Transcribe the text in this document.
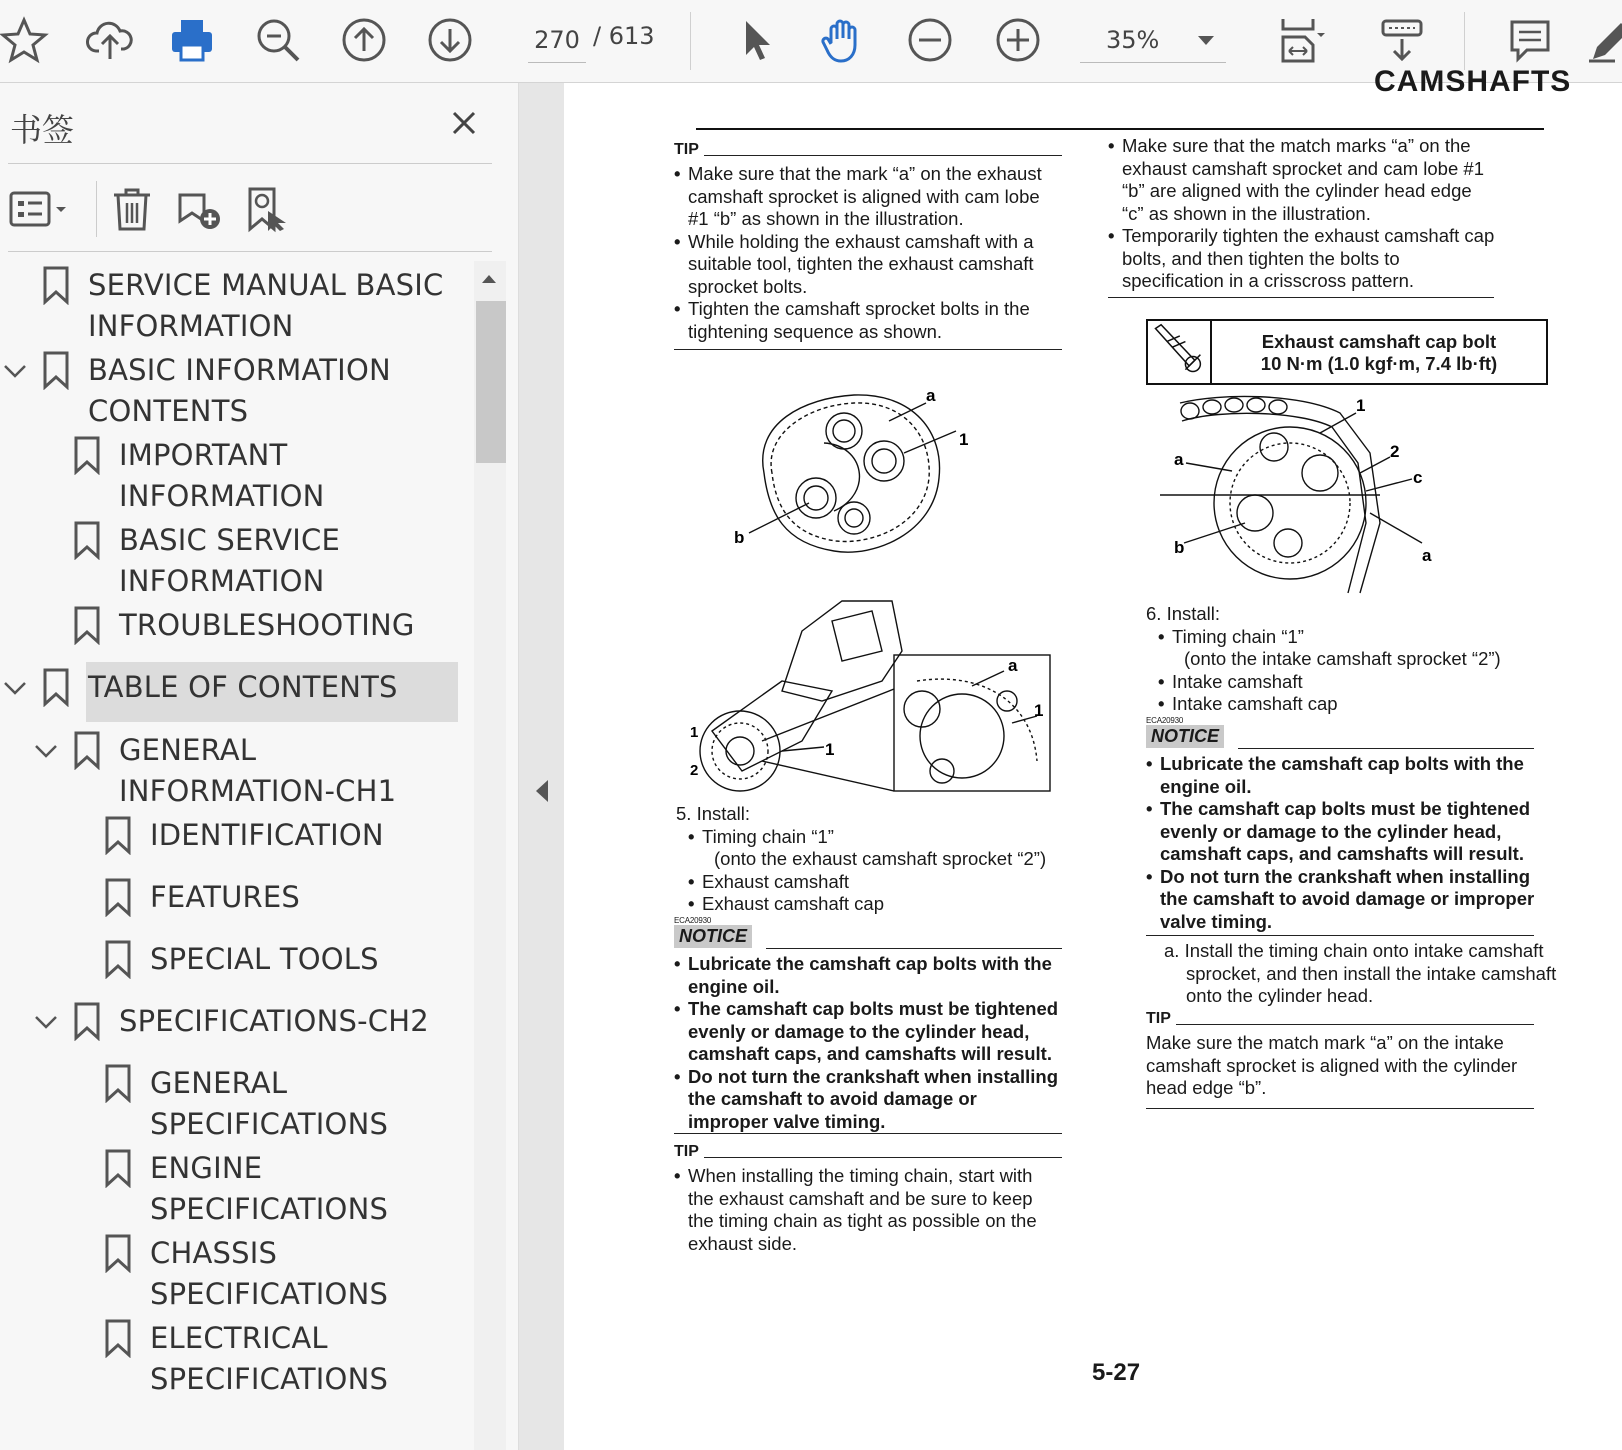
270 / 613	35%
书签
SERVICE MANUAL BASIC
INFORMATION
BASIC INFORMATION
CONTENTS
IMPORTANT
INFORMATION
BASIC SERVICE
INFORMATION
TROUBLESHOOTING
TABLE OF CONTENTS
GENERAL
INFORMATION-CH1
IDENTIFICATION
FEATURES
SPECIAL TOOLS
SPECIFICATIONS-CH2
GENERAL
SPECIFICATIONS
ENGINE
SPECIFICATIONS
CHASSIS
SPECIFICATIONS
ELECTRICAL
SPECIFICATIONS
CAMSHAFTS
TIP
• Make sure that the mark “a” on the exhaust camshaft sprocket is aligned with cam lobe #1 “b” as shown in the illustration.
• While holding the exhaust camshaft with a suitable tool, tighten the exhaust camshaft sprocket bolts.
• Tighten the camshaft sprocket bolts in the tightening sequence as shown.
a
1
b
a
1
1
1
2
5. Install:
• Timing chain “1”
(onto the exhaust camshaft sprocket “2”)
• Exhaust camshaft
• Exhaust camshaft cap
ECA20930
NOTICE
• Lubricate the camshaft cap bolts with the engine oil.
• The camshaft cap bolts must be tightened evenly or damage to the cylinder head, camshaft caps, and camshafts will result.
• Do not turn the crankshaft when installing the camshaft to avoid damage or improper valve timing.
TIP
• When installing the timing chain, start with the exhaust camshaft and be sure to keep the timing chain as tight as possible on the exhaust side.
• Make sure that the match marks “a” on the exhaust camshaft sprocket and cam lobe #1 “b” are aligned with the cylinder head edge “c” as shown in the illustration.
• Temporarily tighten the exhaust camshaft cap bolts, and then tighten the bolts to specification in a crisscross pattern.
Exhaust camshaft cap bolt
10 N·m (1.0 kgf·m, 7.4 lb·ft)
1
a	2
c
b	a
6. Install:
• Timing chain “1”
(onto the intake camshaft sprocket “2”)
• Intake camshaft
• Intake camshaft cap
ECA20930
NOTICE
• Lubricate the camshaft cap bolts with the engine oil.
• The camshaft cap bolts must be tightened evenly or damage to the cylinder head, camshaft caps, and camshafts will result.
• Do not turn the crankshaft when installing the camshaft to avoid damage or improper valve timing.
a. Install the timing chain onto intake camshaft sprocket, and then install the intake camshaft onto the cylinder head.
TIP
Make sure the match mark “a” on the intake camshaft sprocket is aligned with the cylinder head edge “b”.
5-27
